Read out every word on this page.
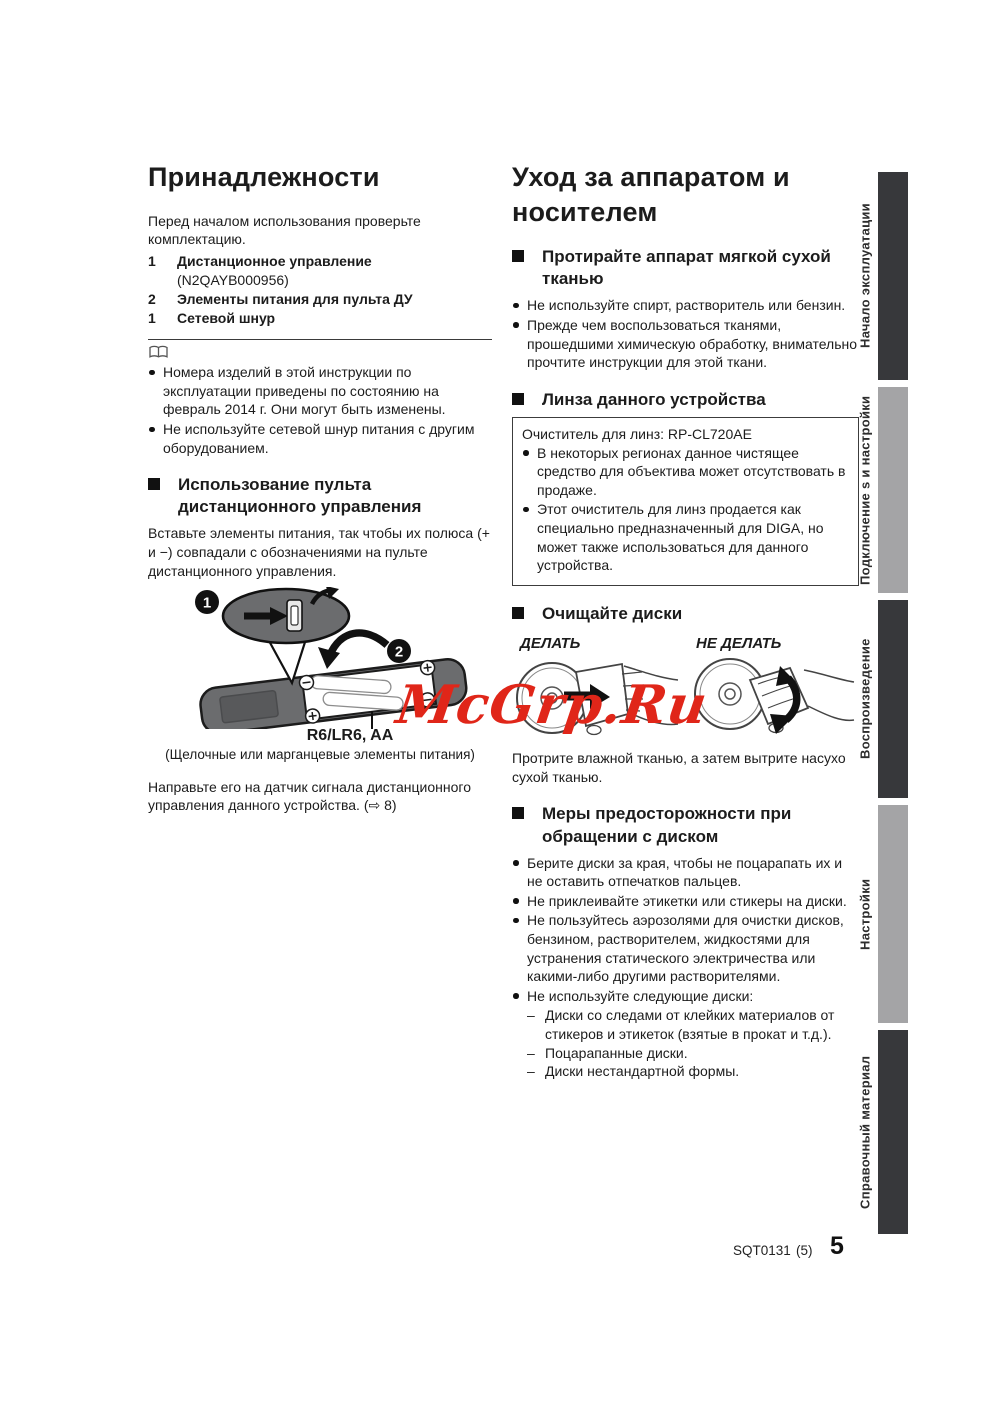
Принадлежности

Перед началом использования проверьте комплектацию.

1	Дистанционное управление
(N2QAYB000956)
2	Элементы питания для пульта ДУ
1	Сетевой шнур
Номера изделий в этой инструкции по эксплуатации приведены по состоянию на февраль 2014 г. Они могут быть изменены.
Не используйте сетевой шнур питания с другим оборудованием.
Использование пульта дистанционного управления

Вставьте элементы питания, так чтобы их полюса (+ и −) совпадали с обозначениями на пульте дистанционного управления.

1
2
R6/LR6, AA
(Щелочные или марганцевые элементы питания)

Направьте его на датчик сигнала дистанционного управления данного устройства. (⇨ 8)

Уход за аппаратом и носителем
Протирайте аппарат мягкой сухой тканью
Не используйте спирт, растворитель или бензин.
Прежде чем воспользоваться тканями, прошедшими химическую обработку, внимательно прочтите инструкции для этой ткани.
Линза данного устройства
Очиститель для линз: RP-CL720AE
В некоторых регионах данное чистящее средство для объектива может отсутствовать в продаже.
Этот очиститель для линз продается как специально предназначенный для DIGA, но может также использоваться для данного устройства.
Очищайте диски
ДЕЛАТЬ	НЕ ДЕЛАТЬ

Протрите влажной тканью, а затем вытрите насухо сухой тканью.

Меры предосторожности при обращении с диском
Берите диски за края, чтобы не поцарапать их и не оставить отпечатков пальцев.
Не приклеивайте этикетки или стикеры на диски.
Не пользуйтесь аэрозолями для очистки дисков, бензином, растворителем, жидкостями для устранения статического электричества или какими-либо другими растворителями.
Не используйте следующие диски:
– Диски со следами от клейких материалов от стикеров и этикеток (взятые в прокат и т.д.).
– Поцарапанные диски.
– Диски нестандартной формы.
Начало эксплуатации
Подключение s и настройки
Воспроизведение
Настройки
Справочный материал
McGrp.Ru
SQT0131 (5) 5
